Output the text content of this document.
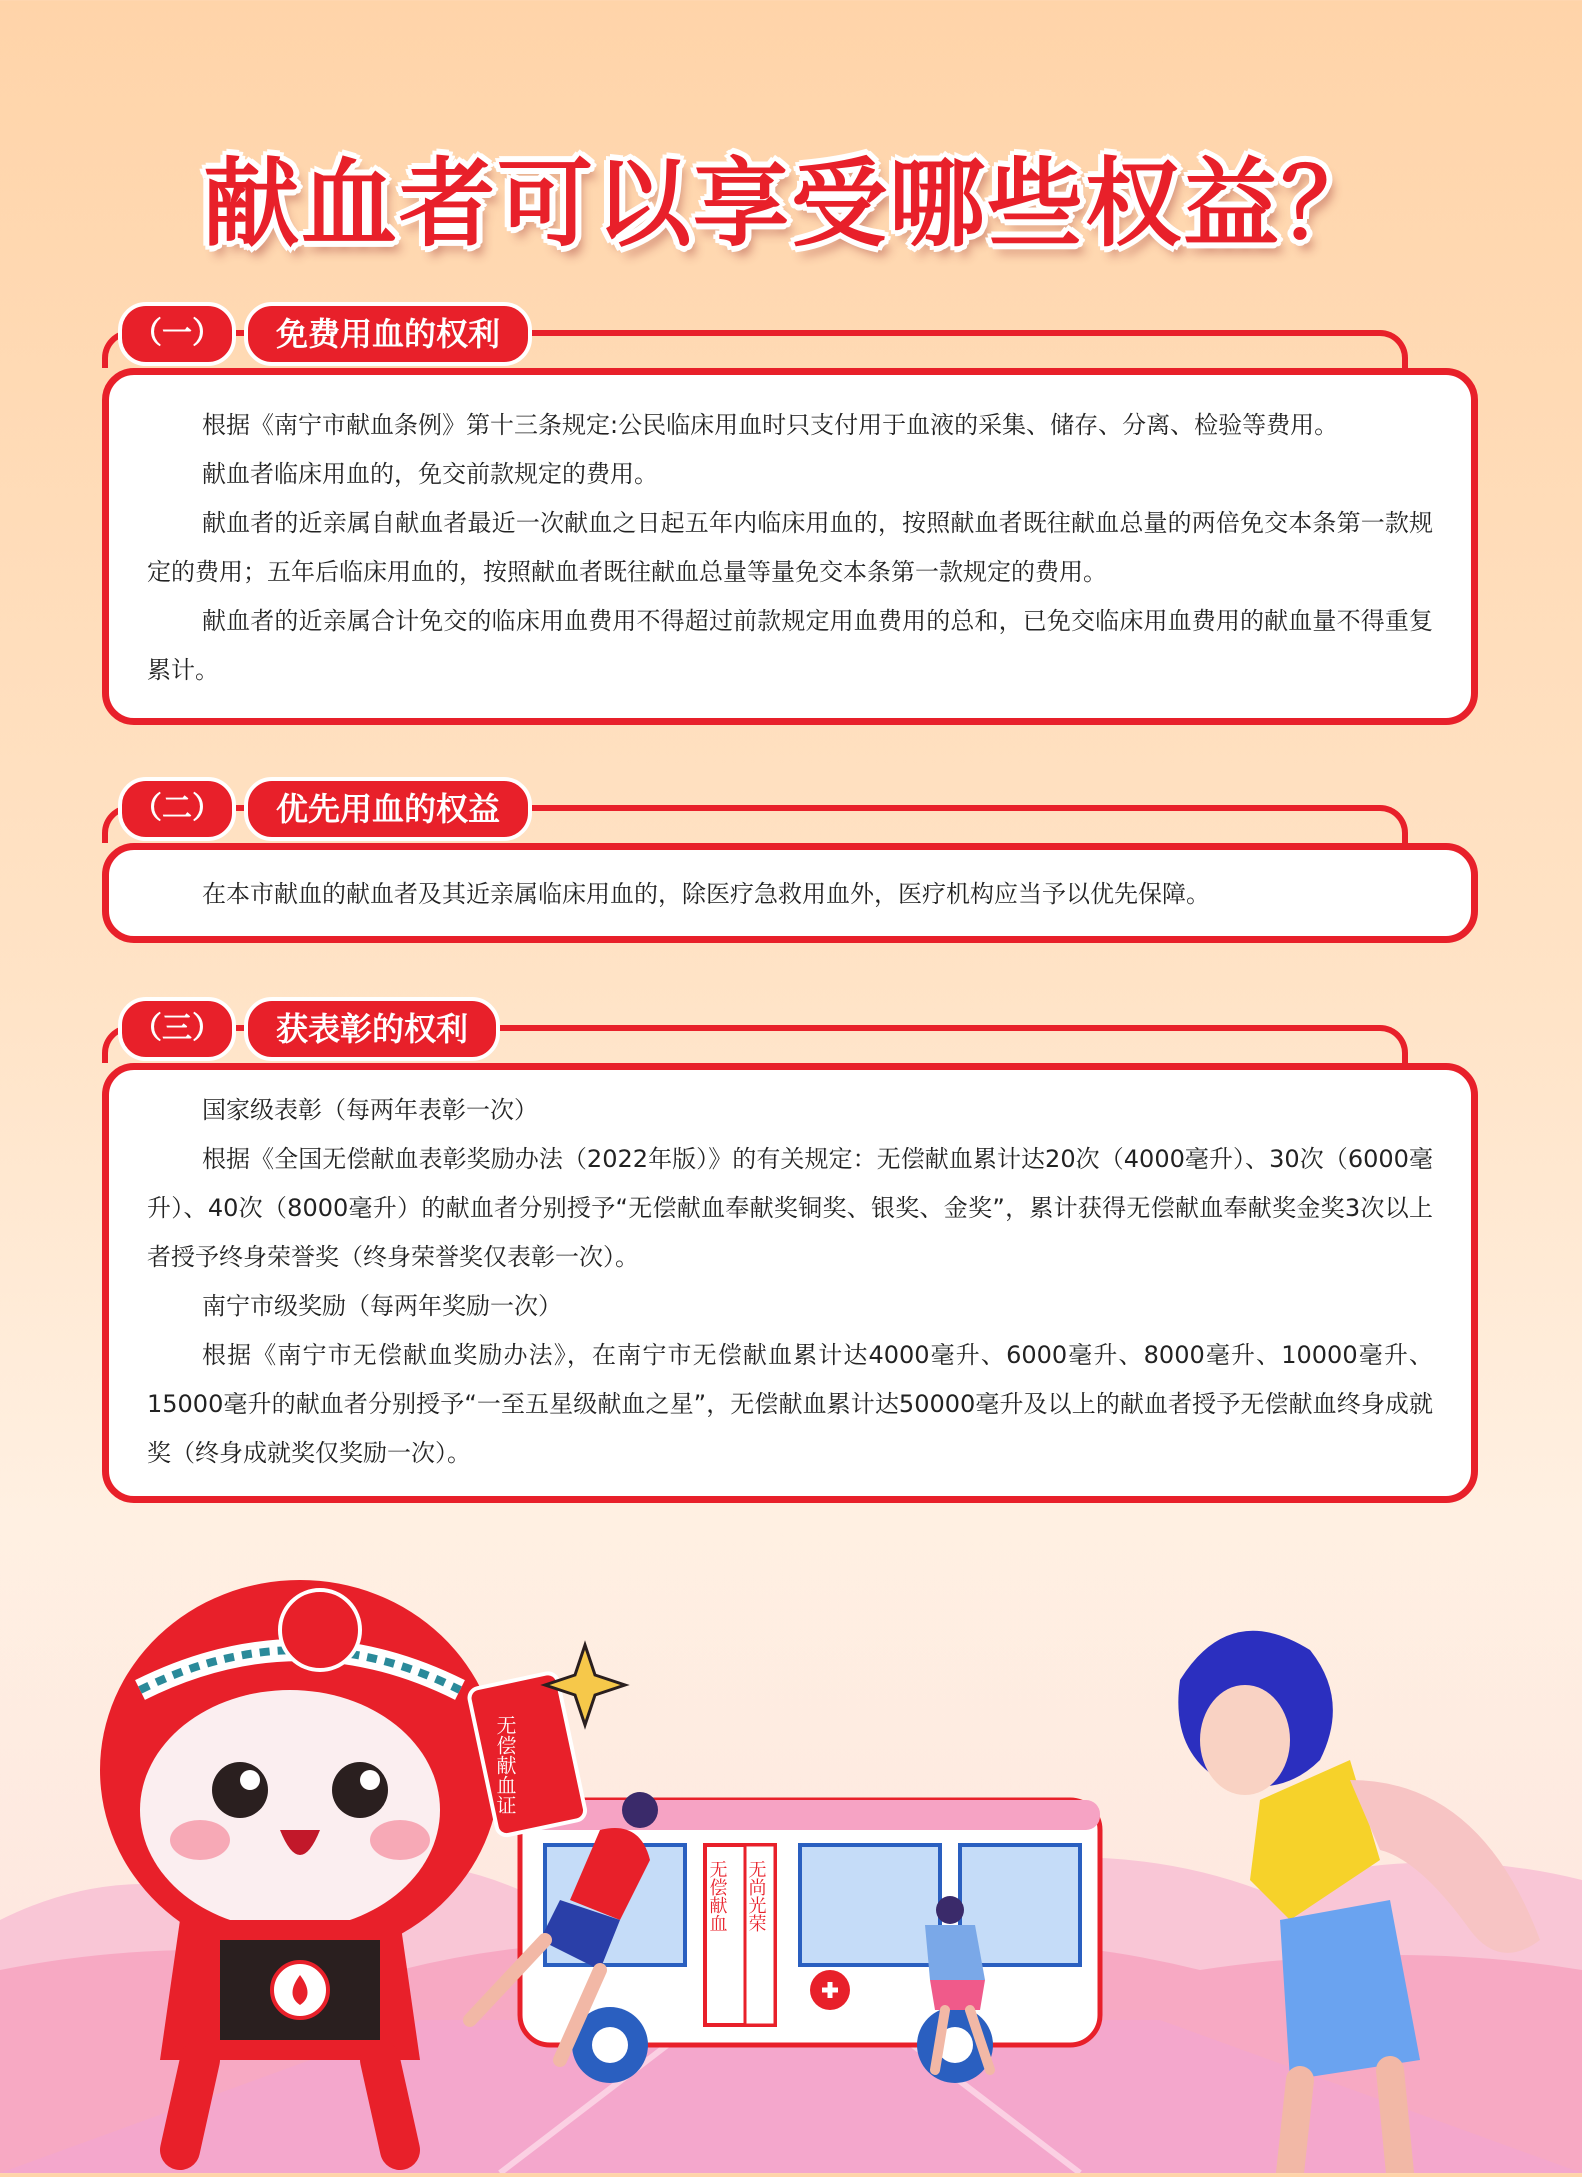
献血者可以享受哪些权益？
（一）	免费用血的权利

根据《南宁市献血条例》第十三条规定:公民临床用血时只支付用于血液的采集、储存、分离、检验等费用。

献血者临床用血的，免交前款规定的费用。

献血者的近亲属自献血者最近一次献血之日起五年内临床用血的，按照献血者既往献血总量的两倍免交本条第一款规定的费用；五年后临床用血的，按照献血者既往献血总量等量免交本条第一款规定的费用。

献血者的近亲属合计免交的临床用血费用不得超过前款规定用血费用的总和，已免交临床用血费用的献血量不得重复累计。

（二）	优先用血的权益

在本市献血的献血者及其近亲属临床用血的，除医疗急救用血外，医疗机构应当予以优先保障。

（三）	获表彰的权利

国家级表彰（每两年表彰一次）

根据《全国无偿献血表彰奖励办法（2022年版）》的有关规定：无偿献血累计达20次（4000毫升）、30次（6000毫升）、40次（8000毫升）的献血者分别授予“无偿献血奉献奖铜奖、银奖、金奖”，累计获得无偿献血奉献奖金奖3次以上者授予终身荣誉奖（终身荣誉奖仅表彰一次）。

南宁市级奖励（每两年奖励一次）

根据《南宁市无偿献血奖励办法》，在南宁市无偿献血累计达4000毫升、6000毫升、8000毫升、10000毫升、15000毫升的献血者分别授予“一至五星级献血之星”，无偿献血累计达50000毫升及以上的献血者授予无偿献血终身成就奖（终身成就奖仅奖励一次）。

无偿献血 无尚光荣
无偿献血证
